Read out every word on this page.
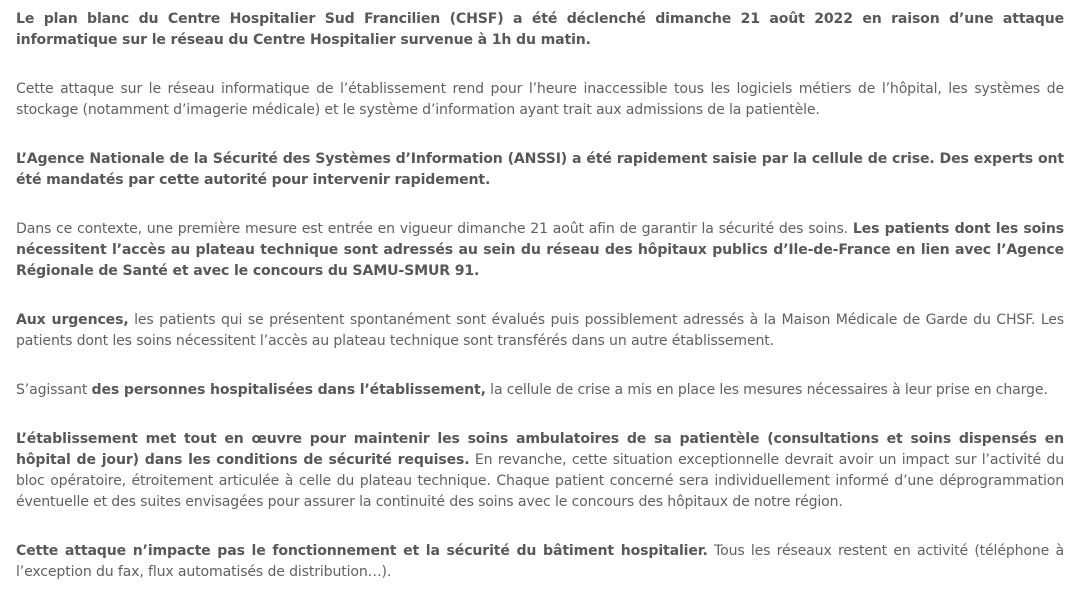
Le plan blanc du Centre Hospitalier Sud Francilien (CHSF) a été déclenché dimanche 21 août 2022 en raison d’une attaque informatique sur le réseau du Centre Hospitalier survenue à 1h du matin.

Cette attaque sur le réseau informatique de l’établissement rend pour l’heure inaccessible tous les logiciels métiers de l’hôpital, les systèmes de stockage (notamment d’imagerie médicale) et le système d’information ayant trait aux admissions de la patientèle.

L’Agence Nationale de la Sécurité des Systèmes d’Information (ANSSI) a été rapidement saisie par la cellule de crise. Des experts ont été mandatés par cette autorité pour intervenir rapidement.

Dans ce contexte, une première mesure est entrée en vigueur dimanche 21 août afin de garantir la sécurité des soins. Les patients dont les soins nécessitent l’accès au plateau technique sont adressés au sein du réseau des hôpitaux publics d’Ile-de-France en lien avec l’Agence Régionale de Santé et avec le concours du SAMU-SMUR 91.

Aux urgences, les patients qui se présentent spontanément sont évalués puis possiblement adressés à la Maison Médicale de Garde du CHSF. Les patients dont les soins nécessitent l’accès au plateau technique sont transférés dans un autre établissement.

S’agissant des personnes hospitalisées dans l’établissement, la cellule de crise a mis en place les mesures nécessaires à leur prise en charge.

L’établissement met tout en œuvre pour maintenir les soins ambulatoires de sa patientèle (consultations et soins dispensés en hôpital de jour) dans les conditions de sécurité requises. En revanche, cette situation exceptionnelle devrait avoir un impact sur l’activité du bloc opératoire, étroitement articulée à celle du plateau technique. Chaque patient concerné sera individuellement informé d’une déprogrammation éventuelle et des suites envisagées pour assurer la continuité des soins avec le concours des hôpitaux de notre région.

Cette attaque n’impacte pas le fonctionnement et la sécurité du bâtiment hospitalier. Tous les réseaux restent en activité (téléphone à l’exception du fax, flux automatisés de distribution…).
